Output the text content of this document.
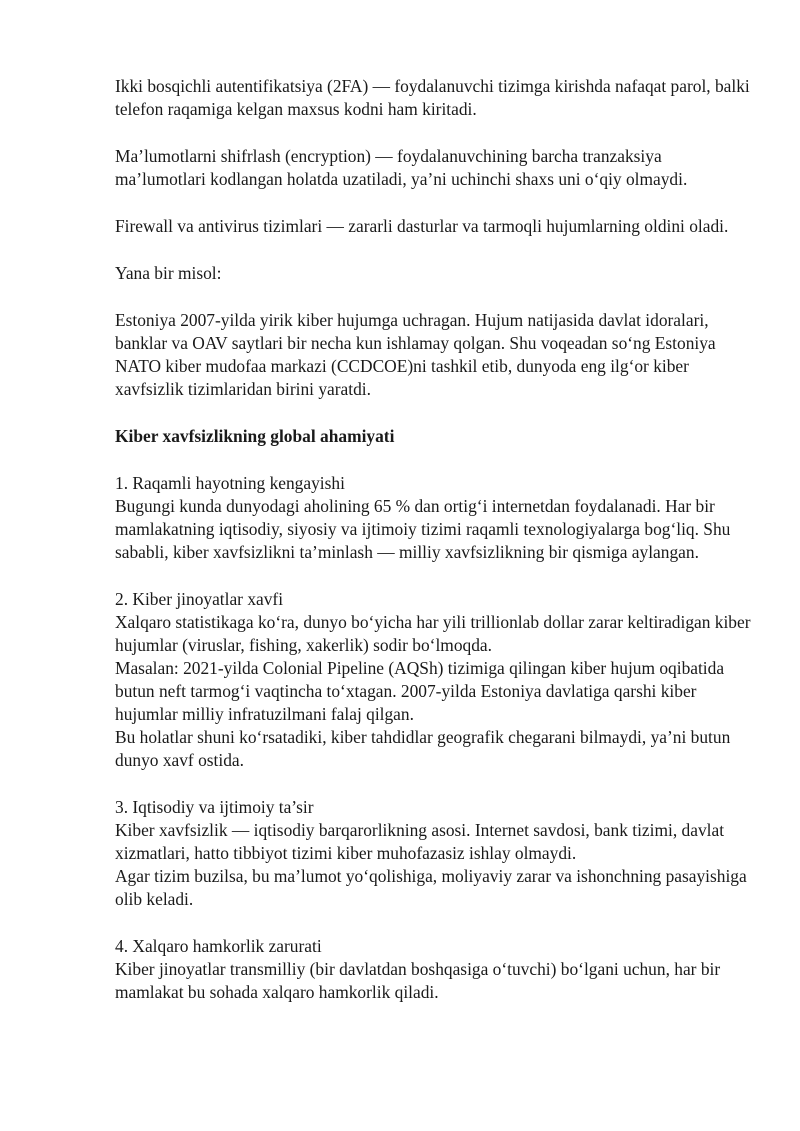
Ikki bosqichli autentifikatsiya (2FA) — foydalanuvchi tizimga kirishda nafaqat parol, balki telefon raqamiga kelgan maxsus kodni ham kiritadi.

Ma’lumotlarni shifrlash (encryption) — foydalanuvchining barcha tranzaksiya ma’lumotlari kodlangan holatda uzatiladi, ya’ni uchinchi shaxs uni o‘qiy olmaydi.

Firewall va antivirus tizimlari — zararli dasturlar va tarmoqli hujumlarning oldini oladi.

Yana bir misol:

Estoniya 2007-yilda yirik kiber hujumga uchragan. Hujum natijasida davlat idoralari, banklar va OAV saytlari bir necha kun ishlamay qolgan. Shu voqeadan so‘ng Estoniya NATO kiber mudofaa markazi (CCDCOE)ni tashkil etib, dunyoda eng ilg‘or kiber xavfsizlik tizimlaridan birini yaratdi.

Kiber xavfsizlikning global ahamiyati

1. Raqamli hayotning kengayishi
Bugungi kunda dunyodagi aholining 65 % dan ortig‘i internetdan foydalanadi. Har bir mamlakatning iqtisodiy, siyosiy va ijtimoiy tizimi raqamli texnologiyalarga bog‘liq. Shu sababli, kiber xavfsizlikni ta’minlash — milliy xavfsizlikning bir qismiga aylangan.
2. Kiber jinoyatlar xavfi
Xalqaro statistikaga ko‘ra, dunyo bo‘yicha har yili trillionlab dollar zarar keltiradigan kiber hujumlar (viruslar, fishing, xakerlik) sodir bo‘lmoqda.
Masalan: 2021-yilda Colonial Pipeline (AQSh) tizimiga qilingan kiber hujum oqibatida butun neft tarmog‘i vaqtincha to‘xtagan. 2007-yilda Estoniya davlatiga qarshi kiber hujumlar milliy infratuzilmani falaj qilgan.
Bu holatlar shuni ko‘rsatadiki, kiber tahdidlar geografik chegarani bilmaydi, ya’ni butun dunyo xavf ostida.
3. Iqtisodiy va ijtimoiy ta’sir
Kiber xavfsizlik — iqtisodiy barqarorlikning asosi. Internet savdosi, bank tizimi, davlat xizmatlari, hatto tibbiyot tizimi kiber muhofazasiz ishlay olmaydi.
Agar tizim buzilsa, bu ma’lumot yo‘qolishiga, moliyaviy zarar va ishonchning pasayishiga olib keladi.
4. Xalqaro hamkorlik zarurati
Kiber jinoyatlar transmilliy (bir davlatdan boshqasiga o‘tuvchi) bo‘lgani uchun, har bir mamlakat bu sohada xalqaro hamkorlik qiladi.
